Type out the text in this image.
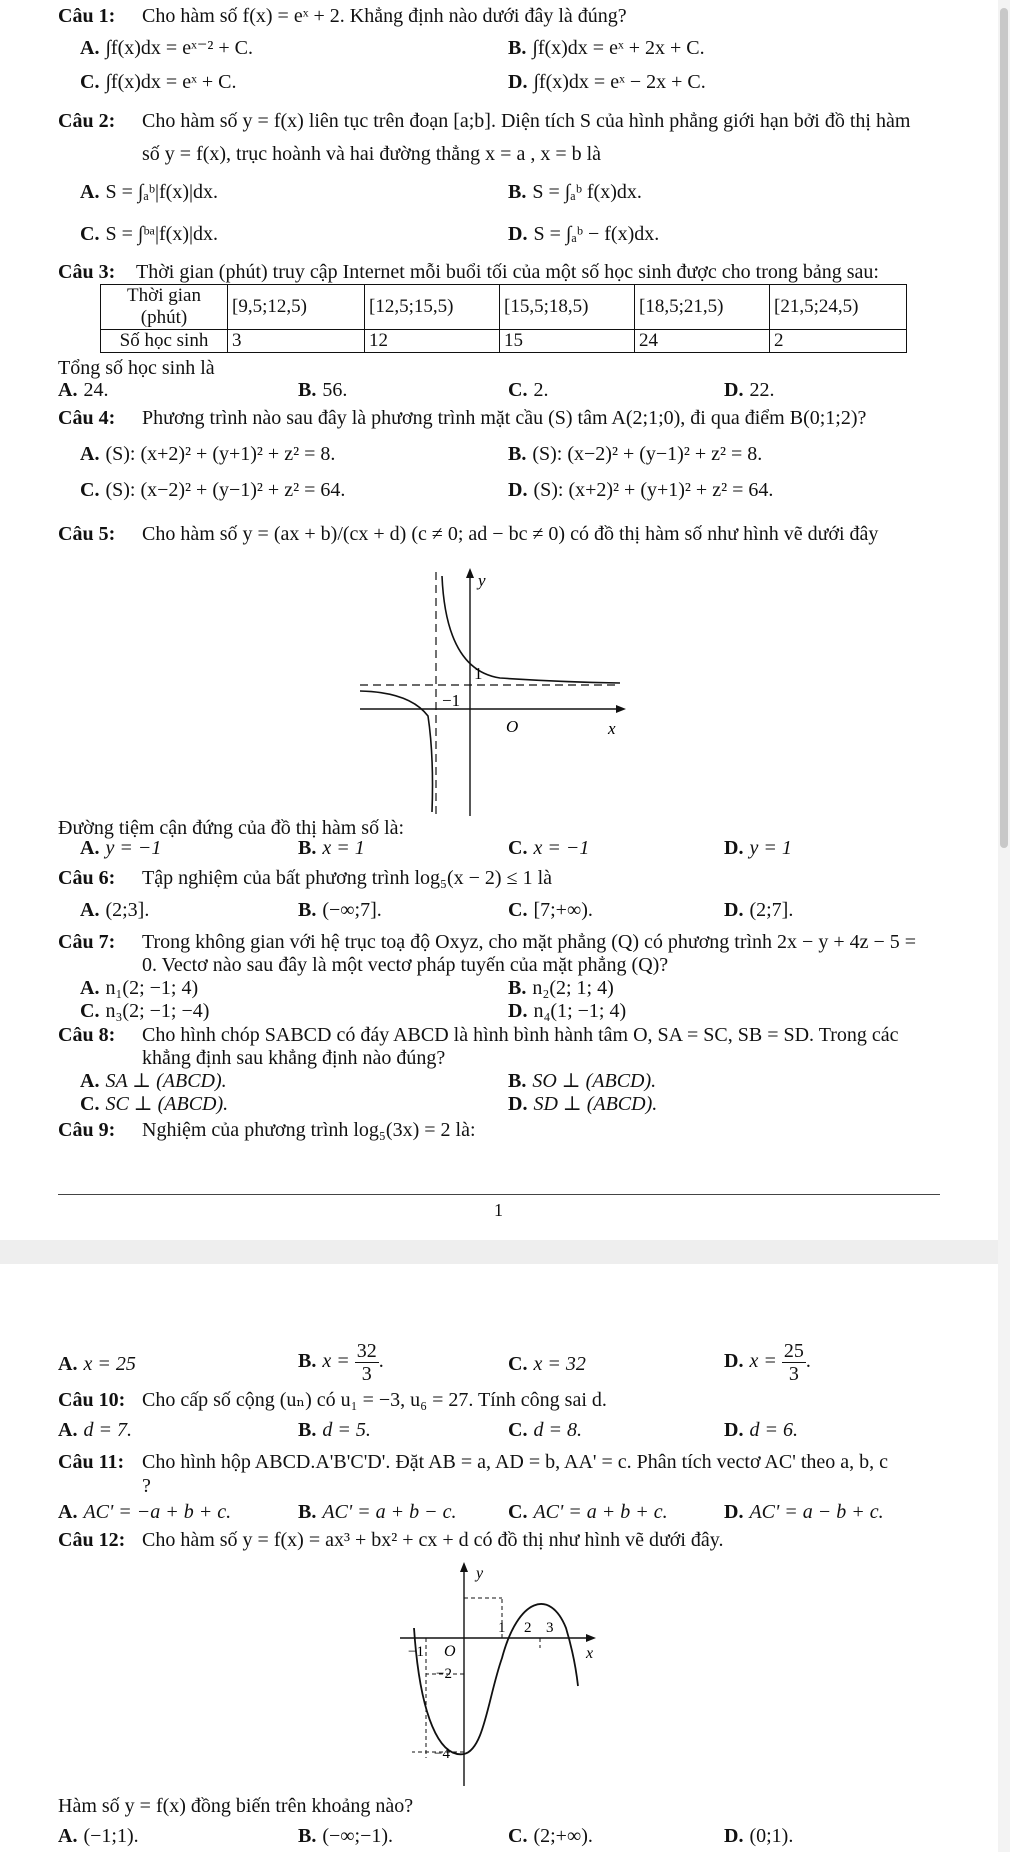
Câu 1: Cho hàm số f(x) = eˣ + 2. Khẳng định nào dưới đây là đúng?
A. ∫f(x)dx = eˣ⁻² + C.	B. ∫f(x)dx = eˣ + 2x + C.
C. ∫f(x)dx = eˣ + C.	D. ∫f(x)dx = eˣ − 2x + C.
Câu 2: Cho hàm số y = f(x) liên tục trên đoạn [a;b]. Diện tích S của hình phẳng giới hạn bởi đồ thị hàm
số y = f(x), trục hoành và hai đường thẳng x = a , x = b là
A. S = ∫ₐᵇ|f(x)|dx.	B. S = ∫ₐᵇ f(x)dx.
C. S = ∫ᵇᵃ|f(x)|dx.	D. S = ∫ₐᵇ − f(x)dx.
Câu 3: Thời gian (phút) truy cập Internet mỗi buổi tối của một số học sinh được cho trong bảng sau:
Thời gian (phút)	[9,5;12,5)	[12,5;15,5)	[15,5;18,5)	[18,5;21,5)	[21,5;24,5)
Số học sinh	3	12	15	24	2
Tổng số học sinh là
A. 24.	B. 56.	C. 2.	D. 22.
Câu 4: Phương trình nào sau đây là phương trình mặt cầu (S) tâm A(2;1;0), đi qua điểm B(0;1;2)?
A. (S): (x+2)² + (y+1)² + z² = 8.	B. (S): (x−2)² + (y−1)² + z² = 8.
C. (S): (x−2)² + (y−1)² + z² = 64.	D. (S): (x+2)² + (y+1)² + z² = 64.
Câu 5: Cho hàm số y = (ax + b)/(cx + d) (c ≠ 0; ad − bc ≠ 0) có đồ thị hàm số như hình vẽ dưới đây
y
x
O
1
−1
Đường tiệm cận đứng của đồ thị hàm số là:
A. y = −1	B. x = 1	C. x = −1	D. y = 1
Câu 6: Tập nghiệm của bất phương trình log₅(x − 2) ≤ 1 là
A. (2;3].	B. (−∞;7].	C. [7;+∞).	D. (2;7].
Câu 7: Trong không gian với hệ trục toạ độ Oxyz, cho mặt phẳng (Q) có phương trình 2x − y + 4z − 5 =
0. Vectơ nào sau đây là một vectơ pháp tuyến của mặt phẳng (Q)?
A. n₁(2; −1; 4)	B. n₂(2; 1; 4)
C. n₃(2; −1; −4)	D. n₄(1; −1; 4)
Câu 8: Cho hình chóp SABCD có đáy ABCD là hình bình hành tâm O, SA = SC, SB = SD. Trong các
khẳng định sau khẳng định nào đúng?
A. SA ⊥ (ABCD).	B. SO ⊥ (ABCD).
C. SC ⊥ (ABCD).	D. SD ⊥ (ABCD).
Câu 9: Nghiệm của phương trình log₅(3x) = 2 là:
1
A. x = 25	B. $x = \frac{32}{3}$ .	C. x = 32	D. $x = \frac{25}{3}$ .
Câu 10: Cho cấp số cộng (uₙ) có u₁ = −3, u₆ = 27. Tính công sai d.
A. d = 7.	B. d = 5.	C. d = 8.	D. d = 6.
Câu 11: Cho hình hộp ABCD.A'B'C'D'. Đặt AB = a, AD = b, AA' = c. Phân tích vectơ AC' theo a, b, c
?
A. AC' = −a + b + c.	B. AC' = a + b − c.	C. AC' = a + b + c.	D. AC' = a − b + c.
Câu 12: Cho hàm số y = f(x) = ax³ + bx² + cx + d có đồ thị như hình vẽ dưới đây.
y
x
O
−1
1 2 3
−2
−4
Hàm số y = f(x) đồng biến trên khoảng nào?
A. (−1;1).	B. (−∞;−1).	C. (2;+∞).	D. (0;1).
